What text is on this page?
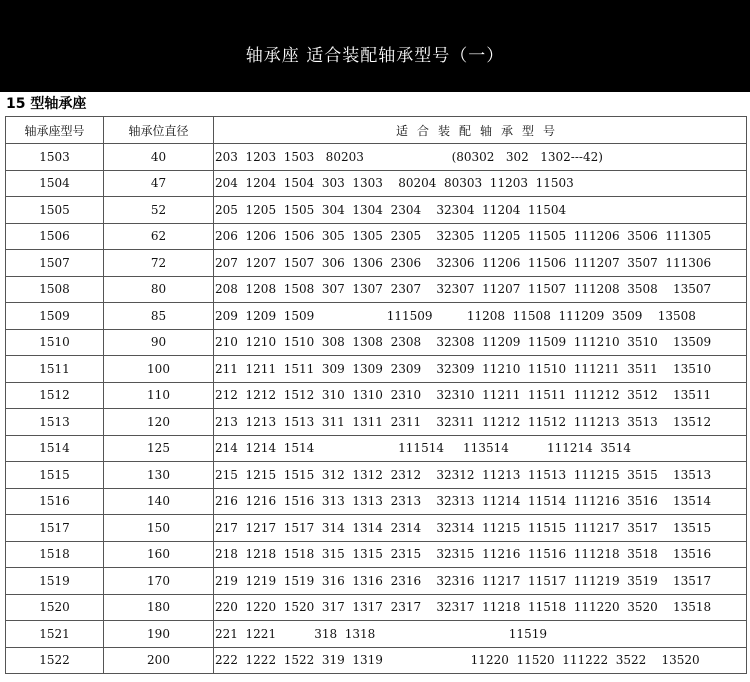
轴承座 适合装配轴承型号（一）
15 型轴承座
轴承座型号	轴承位直径	适合装配轴承型号
1503	40	203  1203  1503   80203                       (80302   302   1302---42)
1504	47	204  1204  1504  303  1303    80204  80303  11203  11503
1505	52	205  1205  1505  304  1304  2304    32304  11204  11504
1506	62	206  1206  1506  305  1305  2305    32305  11205  11505  111206  3506  111305
1507	72	207  1207  1507  306  1306  2306    32306  11206  11506  111207  3507  111306
1508	80	208  1208  1508  307  1307  2307    32307  11207  11507  111208  3508    13507
1509	85	209  1209  1509                   111509         11208  11508  111209  3509    13508
1510	90	210  1210  1510  308  1308  2308    32308  11209  11509  111210  3510    13509
1511	100	211  1211  1511  309  1309  2309    32309  11210  11510  111211  3511    13510
1512	110	212  1212  1512  310  1310  2310    32310  11211  11511  111212  3512    13511
1513	120	213  1213  1513  311  1311  2311    32311  11212  11512  111213  3513    13512
1514	125	214  1214  1514                      111514     113514          111214  3514
1515	130	215  1215  1515  312  1312  2312    32312  11213  11513  111215  3515    13513
1516	140	216  1216  1516  313  1313  2313    32313  11214  11514  111216  3516    13514
1517	150	217  1217  1517  314  1314  2314    32314  11215  11515  111217  3517    13515
1518	160	218  1218  1518  315  1315  2315    32315  11216  11516  111218  3518    13516
1519	170	219  1219  1519  316  1316  2316    32316  11217  11517  111219  3519    13517
1520	180	220  1220  1520  317  1317  2317    32317  11218  11518  111220  3520    13518
1521	190	221  1221          318  1318                                   11519
1522	200	222  1222  1522  319  1319                       11220  11520  111222  3522    13520
